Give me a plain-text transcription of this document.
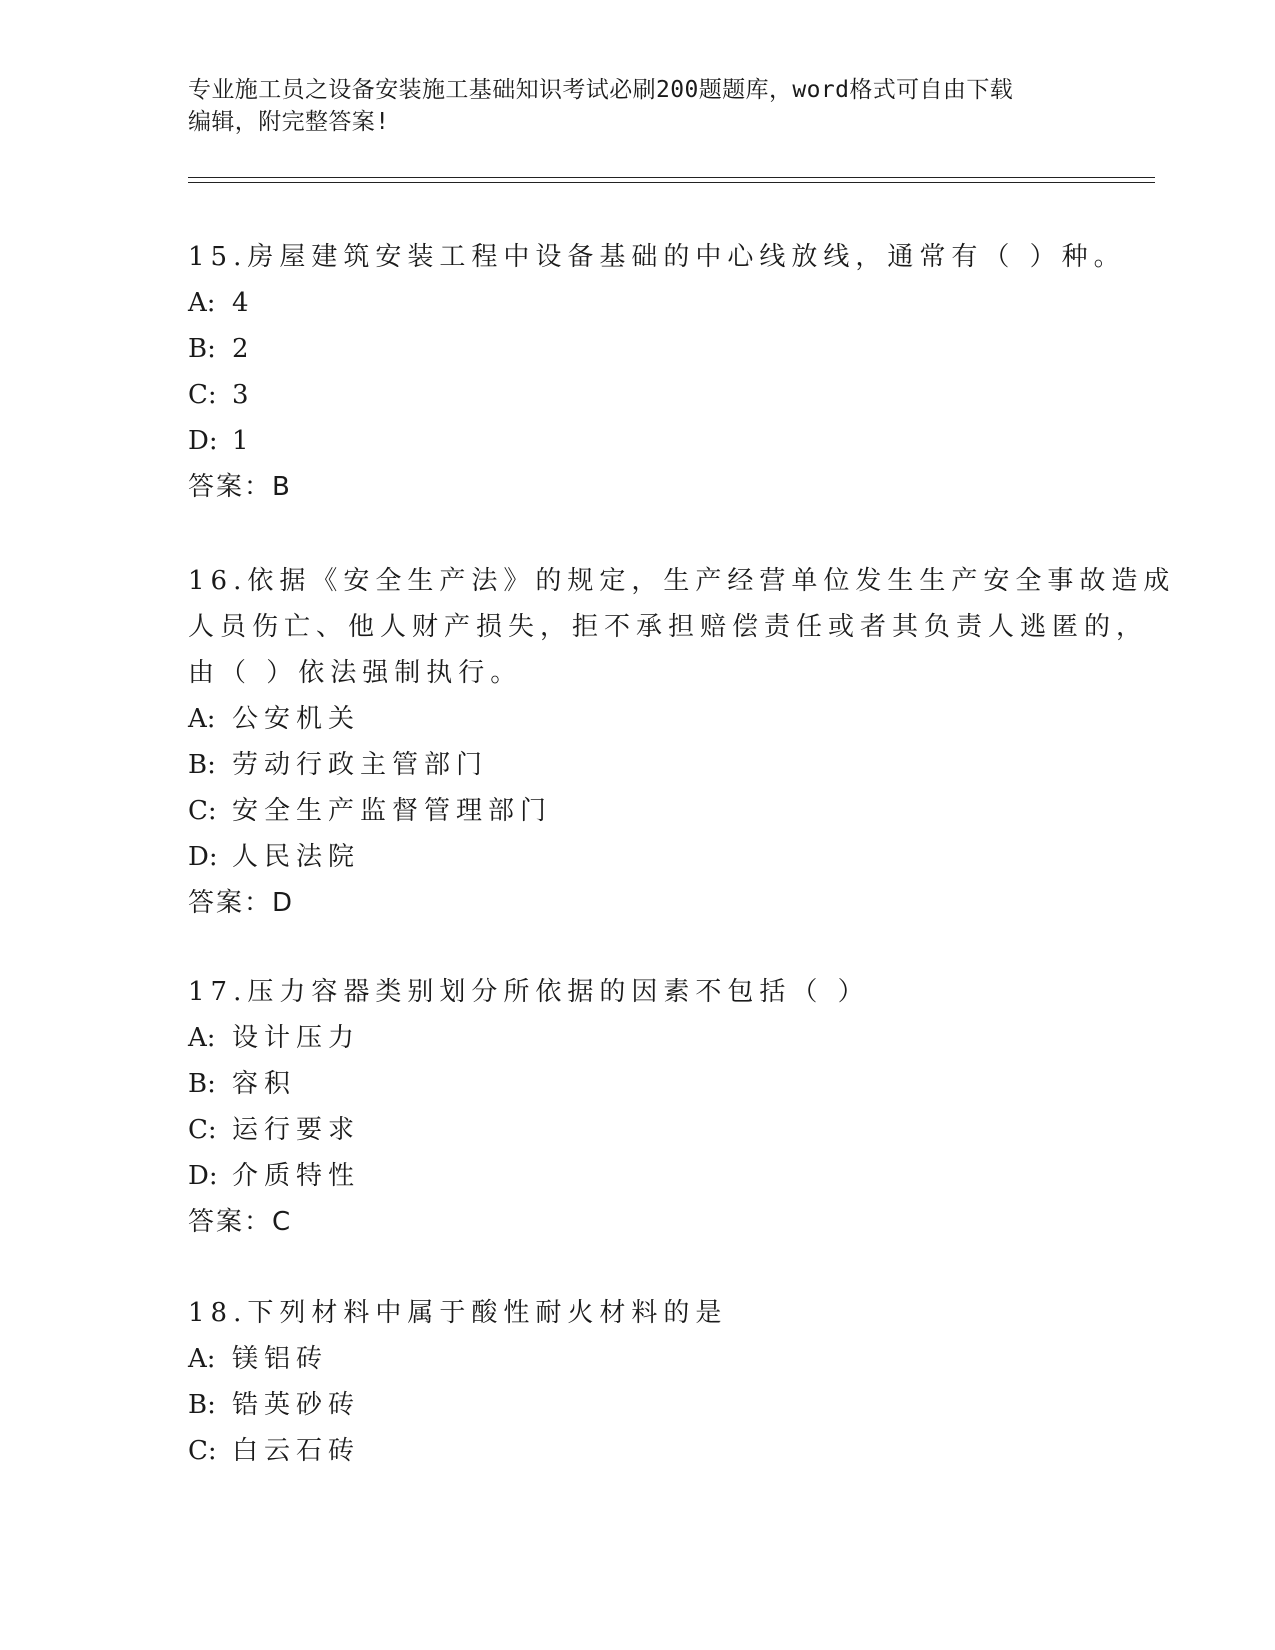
专业施工员之设备安装施工基础知识考试必刷200题题库，word格式可自由下载
编辑，附完整答案!

15.房屋建筑安装工程中设备基础的中心线放线，通常有（ ）种。

A: 4
B: 2
C: 3
D: 1
答案：B

16.依据《安全生产法》的规定，生产经营单位发生生产安全事故造成
人员伤亡、他人财产损失，拒不承担赔偿责任或者其负责人逃匿的，
由（ ）依法强制执行。

A: 公安机关
B: 劳动行政主管部门
C: 安全生产监督管理部门
D: 人民法院
答案：D

17.压力容器类别划分所依据的因素不包括（ ）

A: 设计压力
B: 容积
C: 运行要求
D: 介质特性
答案：C

18.下列材料中属于酸性耐火材料的是

A: 镁铝砖
B: 锆英砂砖
C: 白云石砖
